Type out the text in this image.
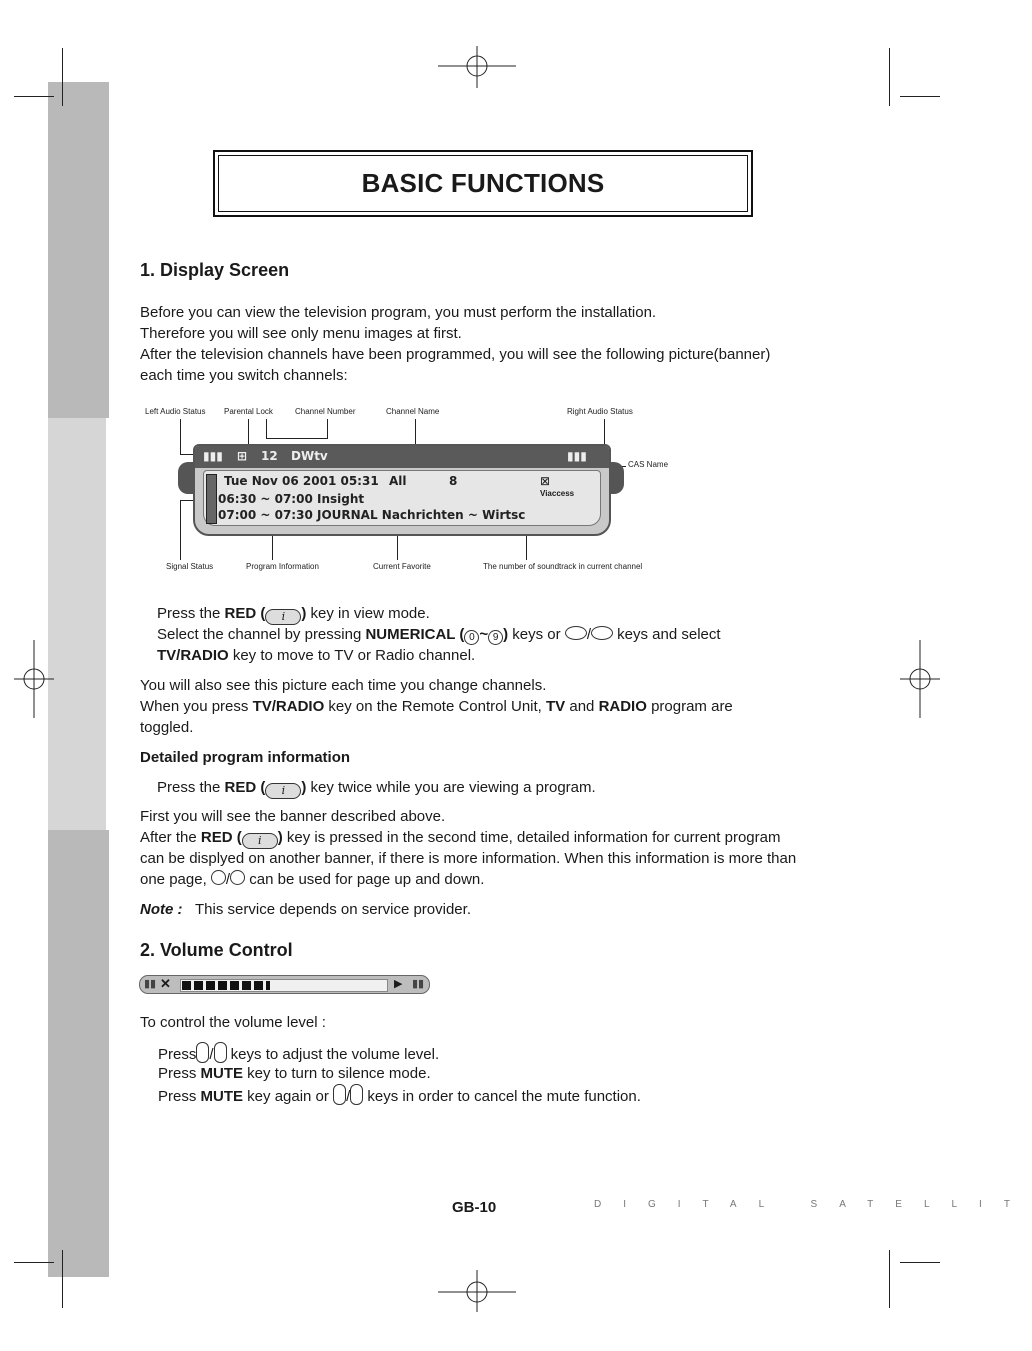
BASIC FUNCTIONS
1. Display Screen
Before you can view the television program, you must perform the installation.
Therefore you will see only menu images at first.
After the television channels have been programmed, you will see the following picture(banner)
each time you switch channels:
Left Audio Status Parental Lock	Channel Number	Channel Name	Right Audio Status
CAS Name
Signal Status	Program Information	Current Favorite	The number of soundtrack in current channel
▮▮▮ ⊞ 12 DWtv	▮▮▮
Tue Nov 06 2001 05:31 All	8
06:30 ~ 07:00 Insight
07:00 ~ 07:30 JOURNAL Nachrichten ~ Wirtsc
⊠
Viaccess
Press the RED ( i ) key in view mode.
Select the channel by pressing NUMERICAL ( 0 ~ 9 ) keys or / keys and select
TV/RADIO key to move to TV or Radio channel.
You will also see this picture each time you change channels.
When you press TV/RADIO key on the Remote Control Unit, TV and RADIO program are
toggled.
Detailed program information
Press the RED ( i ) key twice while you are viewing a program.
First you will see the banner described above.
After the RED ( i ) key is pressed in the second time, detailed information for current program
can be displyed on another banner, if there is more information. When this information is more than
one page, / can be used for page up and down.
Note : This service depends on service provider.
2. Volume Control
▮▮ ✕	▶ ▮▮
To control the volume level :
Press / keys to adjust the volume level.
Press MUTE key to turn to silence mode.
Press MUTE key again or / keys in order to cancel the mute function.
GB-10	DIGITAL SATELLIT
